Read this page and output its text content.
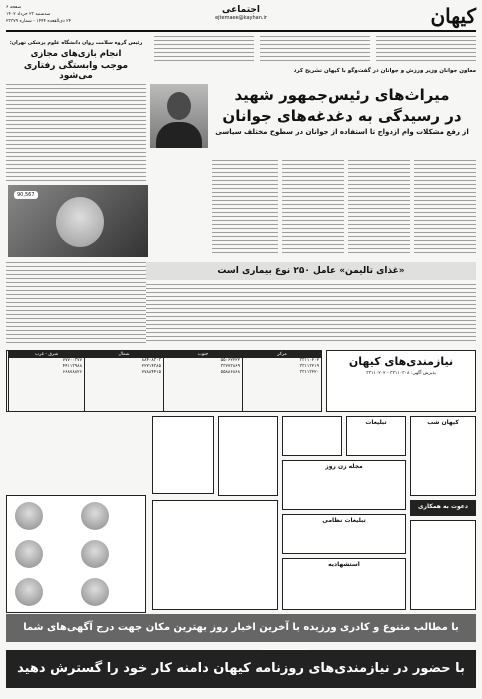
کیهان
اجتماعی
ejtemaee@kayhan.ir
صفحه ۶
سه‌شنبه ۲۳ خرداد ۱۴۰۲
۲۴ ذی‌القعده ۱۴۴۴ - شماره ۲۳۳۷۹
معاون جوانان وزیر ورزش و جوانان در گفت‌وگو با کیهان تشریح کرد
میراث‌های رئیس‌جمهور شهید
در رسیدگی به دغدغه‌های جوانان
از رفع مشکلات وام ازدواج تا استفاده از جوانان در سطوح مختلف سیاسی
«غذای تالیمن» عامل ۲۵۰ نوع بیماری است
رئیس گروه سلامت روان دانشگاه علوم پزشکی تهران:
انجام بازی‌های مجازی
موجب وابستگی رفتاری می‌شود
90,567
مرکز
۳۳۱۱۰۲۰۲
۳۳۱۱۳۲۱۹
۳۳۱۱۳۲۲۰
جنوب
۵۵۰۶۲۲۲۲
۳۳۷۷۳۸۶۹
۵۵۸۸۶۸۶۸
شمال
۸۸۴۰۸۳۰۳
۲۲۲۱۴۳۸۵
۷۷۸۸۴۴۱۵
شرق - غرب
۷۷۷۰۰۳۷۷
۴۴۱۱۳۹۸۸
۶۶۸۷۸۸۲۶
نیازمندی‌های کیهان
پذیرش آگهی: ۳۳۱۱۰۳۰۸ - ۳۳۱۱۰۲۰۲
کیهان شب
تبلیغات
مجله زن روز
دعوت به همکاری
تبلیغات نظامی
استشهادیه
با مطالب متنوع و کادری ورزیده با آخرین اخبار روز بهترین مکان جهت درج آگهی‌های شما
با حضور در نیازمندی‌های روزنامه کیهان دامنه کار خود را گسترش دهید
